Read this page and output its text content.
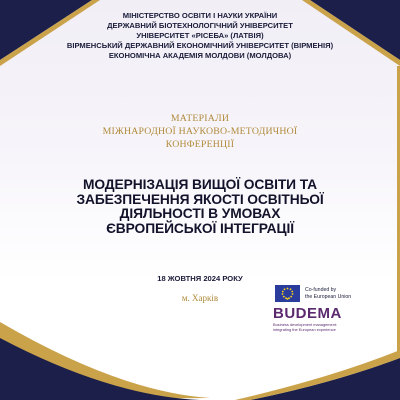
МІНІСТЕРСТВО ОСВІТИ І НАУКИ УКРАЇНИ
ДЕРЖАВНИЙ БІОТЕХНОЛОГІЧНИЙ УНІВЕРСИТЕТ
УНІВЕРСИТЕТ «РІСЕБА» (ЛАТВІЯ)
ВІРМЕНСЬКИЙ ДЕРЖАВНИЙ ЕКОНОМІЧНИЙ УНІВЕРСИТЕТ (ВІРМЕНІЯ)
ЕКОНОМІЧНА АКАДЕМІЯ МОЛДОВИ (МОЛДОВА)
МАТЕРІАЛИ
МІЖНАРОДНОЇ НАУКОВО-МЕТОДИЧНОЇ
КОНФЕРЕНЦІЇ
МОДЕРНІЗАЦІЯ ВИЩОЇ ОСВІТИ ТА
ЗАБЕЗПЕЧЕННЯ ЯКОСТІ ОСВІТНЬОЇ
ДІЯЛЬНОСТІ В УМОВАХ
ЄВРОПЕЙСЬКОЇ ІНТЕГРАЦІЇ
18 ЖОВТНЯ 2024 РОКУ
м. Харків
Co-funded by
the European Union
BUDEMA
Business development management:
integrating the European experience
